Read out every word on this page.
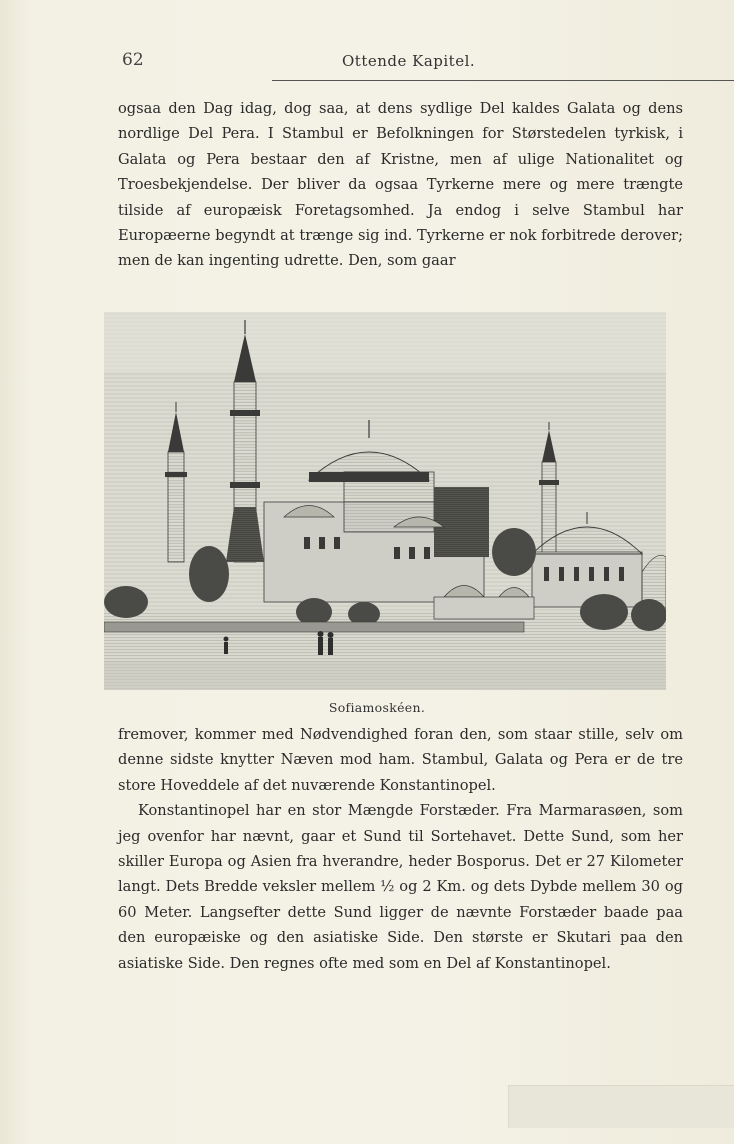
62	Ottende Kapitel.

ogsaa den Dag idag, dog saa, at dens sydlige Del kaldes Galata og dens nordlige Del Pera. I Stambul er Befolkningen for Størstedelen tyrkisk, i Galata og Pera bestaar den af Kristne, men af ulige Nationalitet og Troesbekjendelse. Der bliver da ogsaa Tyrkerne mere og mere trængte tilside af europæisk Foretagsomhed. Ja endog i selve Stambul har Europæerne begyndt at trænge sig ind. Tyrkerne er nok forbitrede derover; men de kan ingenting udrette. Den, som gaar

Sofiamoskéen.

fremover, kommer med Nødvendighed foran den, som staar stille, selv om denne sidste knytter Næven mod ham. Stambul, Galata og Pera er de tre store Hoveddele af det nuværende Konstantinopel.

Konstantinopel har en stor Mængde Forstæder. Fra Marmarasøen, som jeg ovenfor har nævnt, gaar et Sund til Sortehavet. Dette Sund, som her skiller Europa og Asien fra hverandre, heder Bosporus. Det er 27 Kilometer langt. Dets Bredde veksler mellem ½ og 2 Km. og dets Dybde mellem 30 og 60 Meter. Langsefter dette Sund ligger de nævnte Forstæder baade paa den europæiske og den asiatiske Side. Den største er Skutari paa den asiatiske Side. Den regnes ofte med som en Del af Konstantinopel.
